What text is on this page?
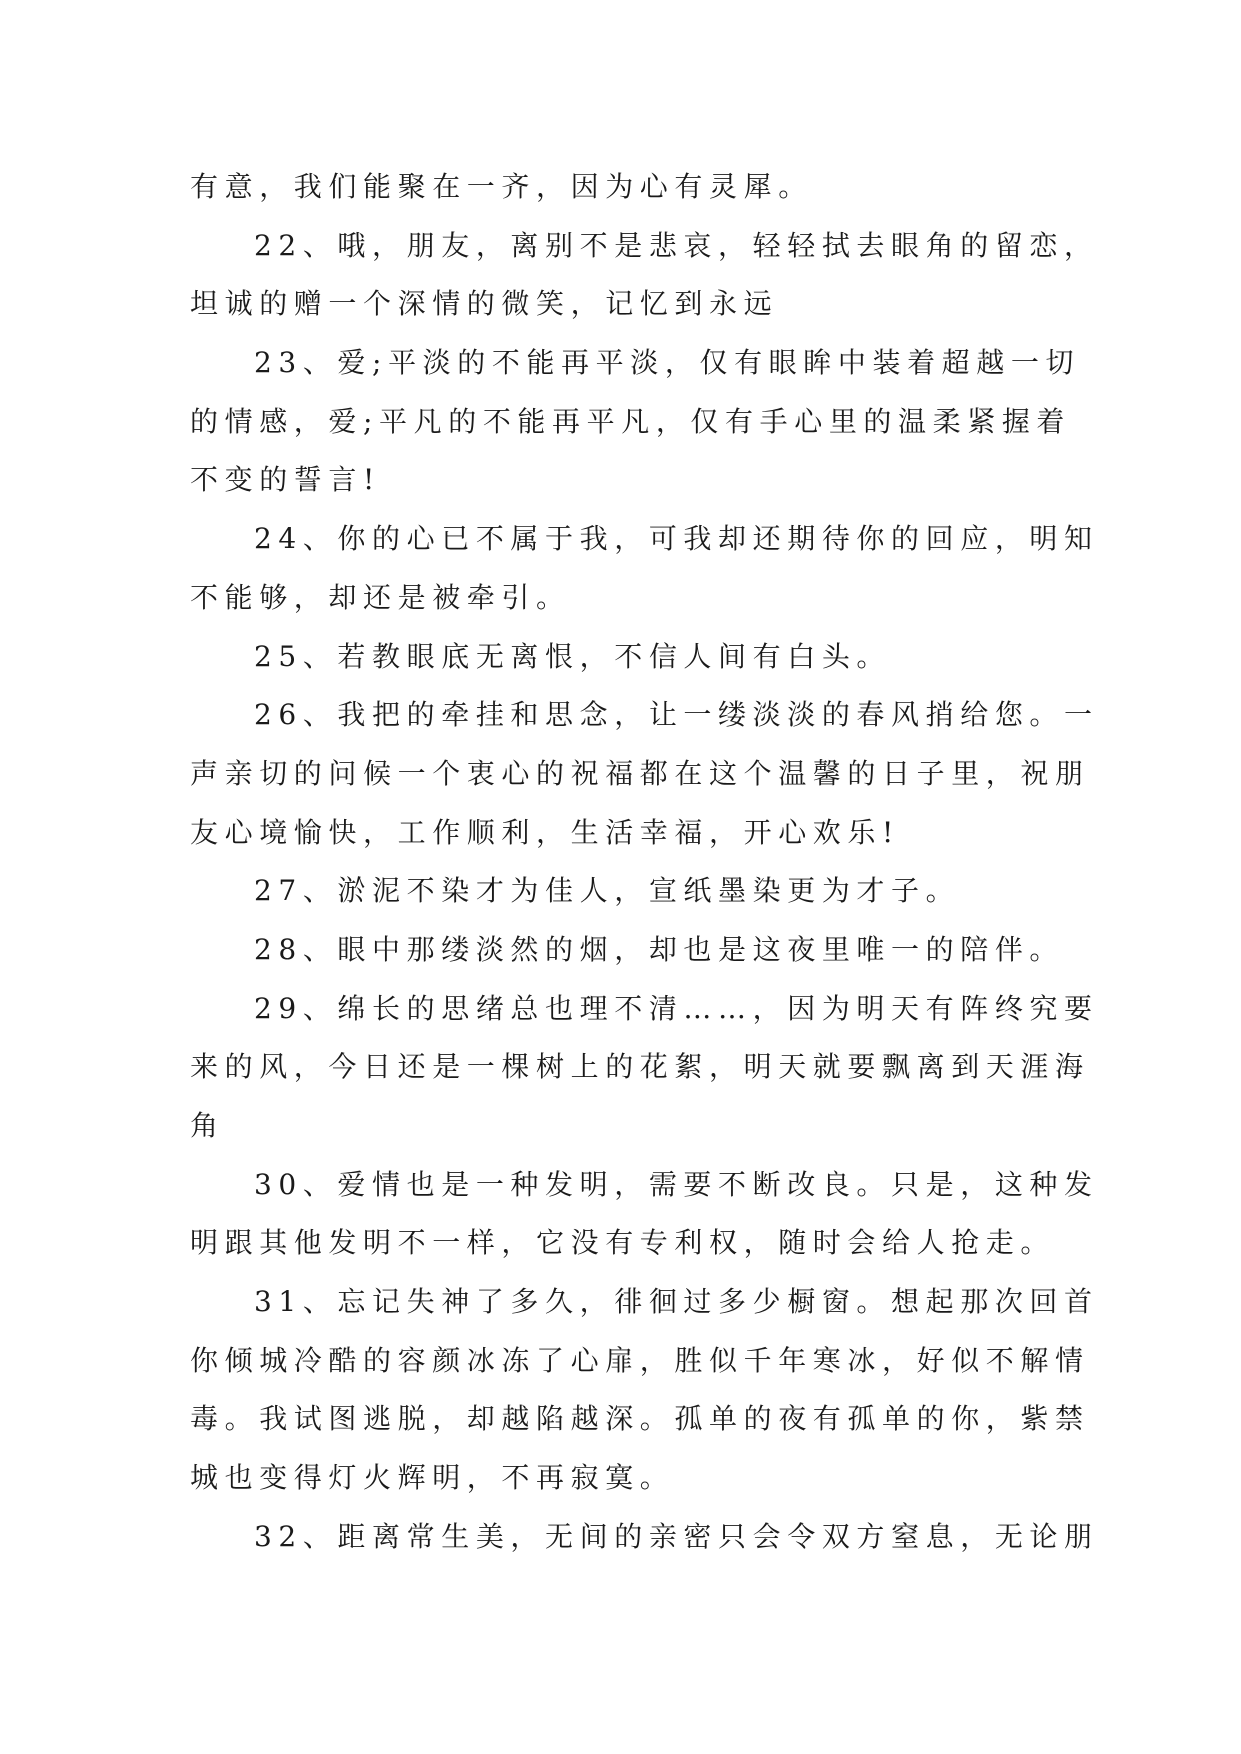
有意，我们能聚在一齐，因为心有灵犀。
22、哦，朋友，离别不是悲哀，轻轻拭去眼角的留恋，
坦诚的赠一个深情的微笑，记忆到永远
23、爱;平淡的不能再平淡，仅有眼眸中装着超越一切
的情感，爱;平凡的不能再平凡，仅有手心里的温柔紧握着
不变的誓言!
24、你的心已不属于我，可我却还期待你的回应，明知
不能够，却还是被牵引。
25、若教眼底无离恨，不信人间有白头。
26、我把的牵挂和思念，让一缕淡淡的春风捎给您。一
声亲切的问候一个衷心的祝福都在这个温馨的日子里，祝朋
友心境愉快，工作顺利，生活幸福，开心欢乐!
27、淤泥不染才为佳人，宣纸墨染更为才子。
28、眼中那缕淡然的烟，却也是这夜里唯一的陪伴。
29、绵长的思绪总也理不清……，因为明天有阵终究要
来的风，今日还是一棵树上的花絮，明天就要飘离到天涯海
角
30、爱情也是一种发明，需要不断改良。只是，这种发
明跟其他发明不一样，它没有专利权，随时会给人抢走。
31、忘记失神了多久，徘徊过多少橱窗。想起那次回首
你倾城冷酷的容颜冰冻了心扉，胜似千年寒冰，好似不解情
毒。我试图逃脱，却越陷越深。孤单的夜有孤单的你，紫禁
城也变得灯火辉明，不再寂寞。
32、距离常生美，无间的亲密只会令双方窒息，无论朋
